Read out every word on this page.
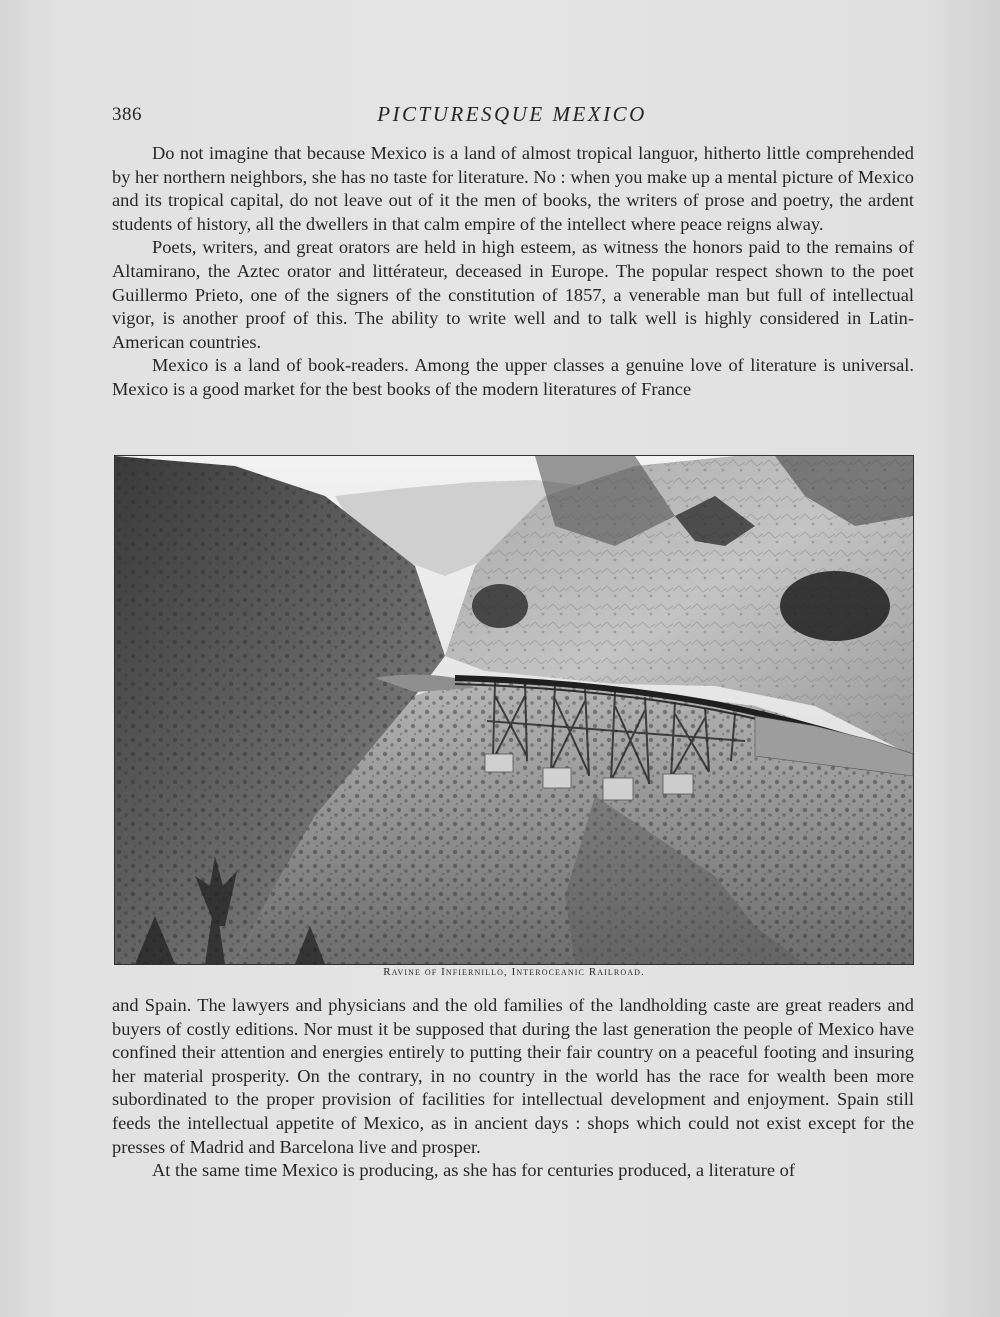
386	PICTURESQUE MEXICO

Do not imagine that because Mexico is a land of almost tropical languor, hitherto little comprehended by her northern neighbors, she has no taste for literature. No : when you make up a mental picture of Mexico and its tropical capital, do not leave out of it the men of books, the writers of prose and poetry, the ardent students of history, all the dwellers in that calm empire of the intellect where peace reigns alway.

Poets, writers, and great orators are held in high esteem, as witness the honors paid to the remains of Altamirano, the Aztec orator and littérateur, deceased in Europe. The popular respect shown to the poet Guillermo Prieto, one of the signers of the constitution of 1857, a venerable man but full of intellectual vigor, is another proof of this. The ability to write well and to talk well is highly considered in Latin-American countries.

Mexico is a land of book-readers. Among the upper classes a genuine love of literature is universal. Mexico is a good market for the best books of the modern literatures of France

Ravine of Infiernillo, Interoceanic Railroad.

and Spain. The lawyers and physicians and the old families of the landholding caste are great readers and buyers of costly editions. Nor must it be supposed that during the last generation the people of Mexico have confined their attention and energies entirely to putting their fair country on a peaceful footing and insuring her material prosperity. On the contrary, in no country in the world has the race for wealth been more subordinated to the proper provision of facilities for intellectual development and enjoyment. Spain still feeds the intellectual appetite of Mexico, as in ancient days : shops which could not exist except for the presses of Madrid and Barcelona live and prosper.

At the same time Mexico is producing, as she has for centuries produced, a literature of
